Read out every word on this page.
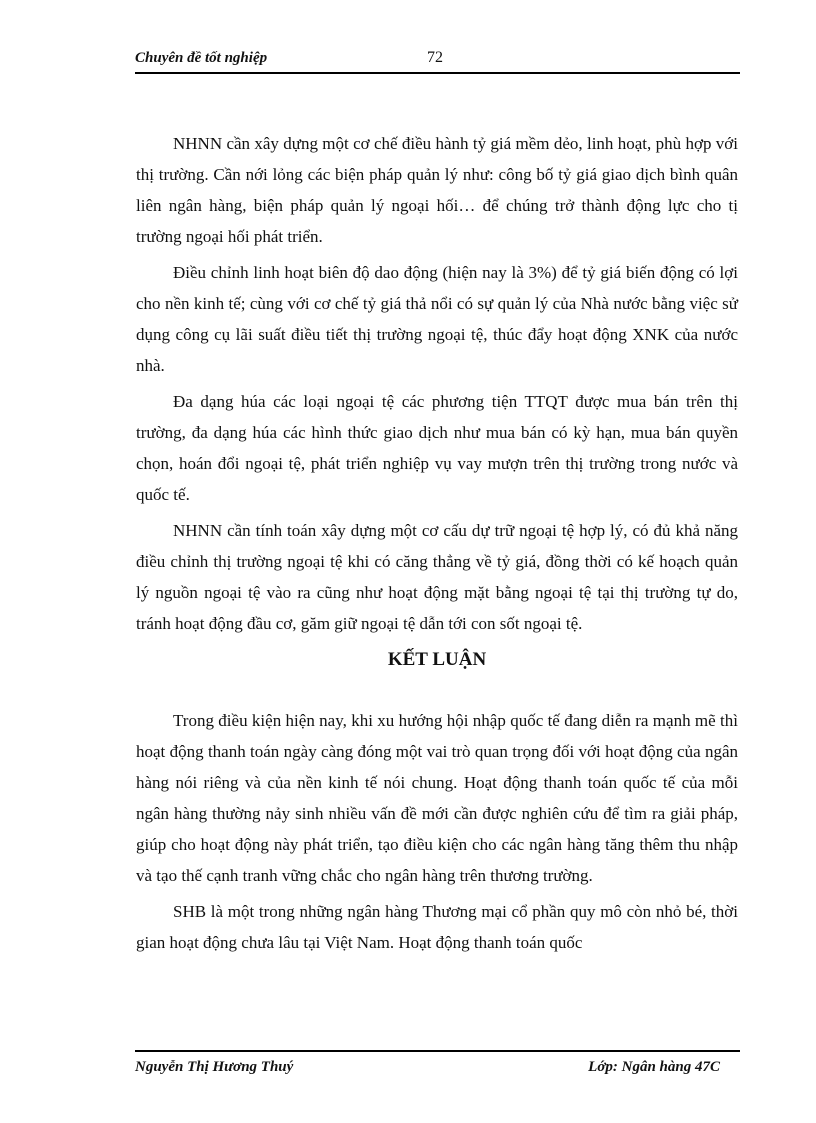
Chuyên đề tốt nghiệp	72

NHNN cần xây dựng một cơ chế điều hành tỷ giá mềm dẻo, linh hoạt, phù hợp với thị trường. Cần nới lỏng các biện pháp quản lý như: công bố tỷ giá giao dịch bình quân liên ngân hàng, biện pháp quản lý ngoại hối… để chúng trở thành động lực cho tị trường ngoại hối phát triển.

Điều chỉnh linh hoạt biên độ dao động (hiện nay là 3%) để tỷ giá biến động có lợi cho nền kinh tế; cùng với cơ chế tỷ giá thả nổi có sự quản lý của Nhà nước bằng việc sử dụng công cụ lãi suất điều tiết thị trường ngoại tệ, thúc đẩy hoạt động XNK của nước nhà.

Đa dạng húa các loại ngoại tệ các phương tiện TTQT được mua bán trên thị trường, đa dạng húa các hình thức giao dịch như mua bán có kỳ hạn, mua bán quyền chọn, hoán đổi ngoại tệ, phát triển nghiệp vụ vay mượn trên thị trường trong nước và quốc tế.

NHNN cần tính toán xây dựng một cơ cấu dự trữ ngoại tệ hợp lý, có đủ khả năng điều chỉnh thị trường ngoại tệ khi có căng thẳng về tỷ giá, đồng thời có kế hoạch quản lý nguồn ngoại tệ vào ra cũng như hoạt động mặt bằng ngoại tệ tại thị trường tự do, tránh hoạt động đầu cơ, găm giữ ngoại tệ dẫn tới con sốt ngoại tệ.

KẾT LUẬN

Trong điều kiện hiện nay, khi xu hướng hội nhập quốc tế đang diễn ra mạnh mẽ thì hoạt động thanh toán ngày càng đóng một vai trò quan trọng đối với hoạt động của ngân hàng nói riêng và của nền kinh tế nói chung. Hoạt động thanh toán quốc tế của mỗi ngân hàng thường nảy sinh nhiều vấn đề mới cần được nghiên cứu để tìm ra giải pháp, giúp cho hoạt động này phát triển, tạo điều kiện cho các ngân hàng tăng thêm thu nhập và tạo thế cạnh tranh vững chắc cho ngân hàng trên thương trường.

SHB là một trong những ngân hàng Thương mại cổ phần quy mô còn nhỏ bé, thời gian hoạt động chưa lâu tại Việt Nam. Hoạt động thanh toán quốc

Nguyễn Thị Hương Thuý	Lớp: Ngân hàng 47C
